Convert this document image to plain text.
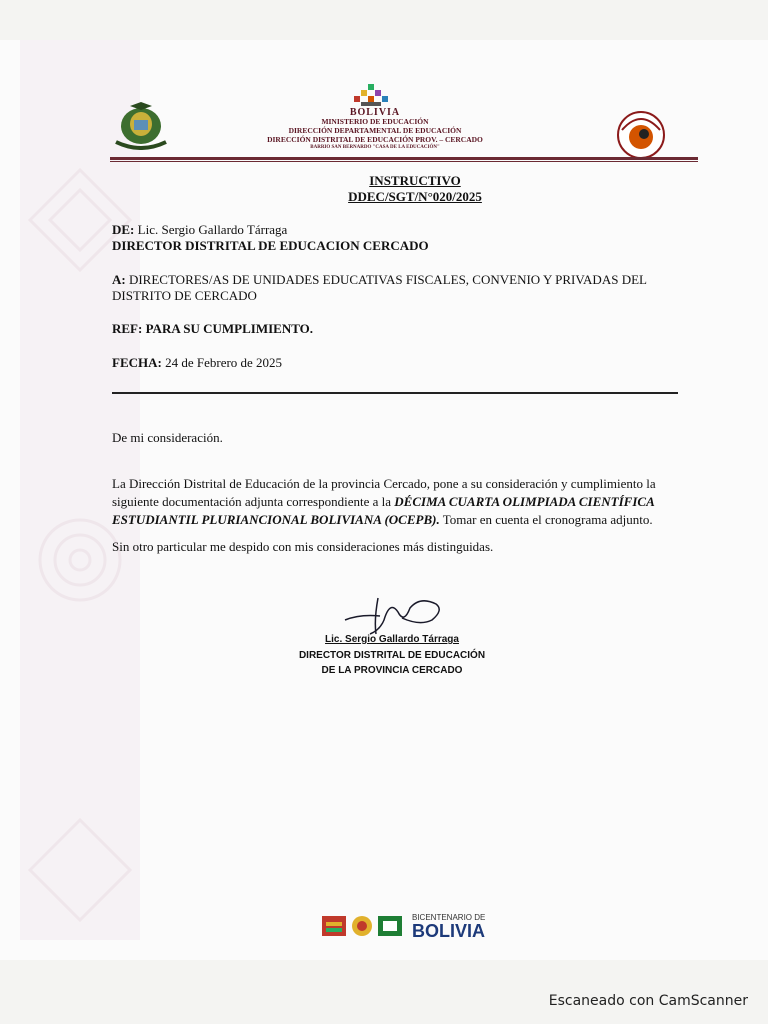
BOLIVIA
MINISTERIO DE EDUCACIÓN
DIRECCIÓN DEPARTAMENTAL DE EDUCACIÓN
DIRECCIÓN DISTRITAL DE EDUCACIÓN PROV. – CERCADO
BARRIO SAN BERNARDO "CASA DE LA EDUCACIÓN"
INSTRUCTIVO
DDEC/SGT/N°020/2025
DE: Lic. Sergio Gallardo Tárraga
DIRECTOR DISTRITAL DE EDUCACION CERCADO
A: DIRECTORES/AS DE UNIDADES EDUCATIVAS FISCALES, CONVENIO Y PRIVADAS DEL
DISTRITO DE CERCADO
REF: PARA SU CUMPLIMIENTO.
FECHA: 24 de Febrero de 2025
De mi consideración.
La Dirección Distrital de Educación de la provincia Cercado, pone a su consideración y cumplimiento la
siguiente documentación adjunta correspondiente a la DÉCIMA CUARTA OLIMPIADA CIENTÍFICA
ESTUDIANTIL PLURIANCIONAL BOLIVIANA (OCEPB). Tomar en cuenta el cronograma adjunto.
Sin otro particular me despido con mis consideraciones más distinguidas.
Lic. Sergio Gallardo Tárraga
DIRECTOR DISTRITAL DE EDUCACIÓN
DE LA PROVINCIA CERCADO

BICENTENARIO DE
BOLIVIA
Escaneado con CamScanner
